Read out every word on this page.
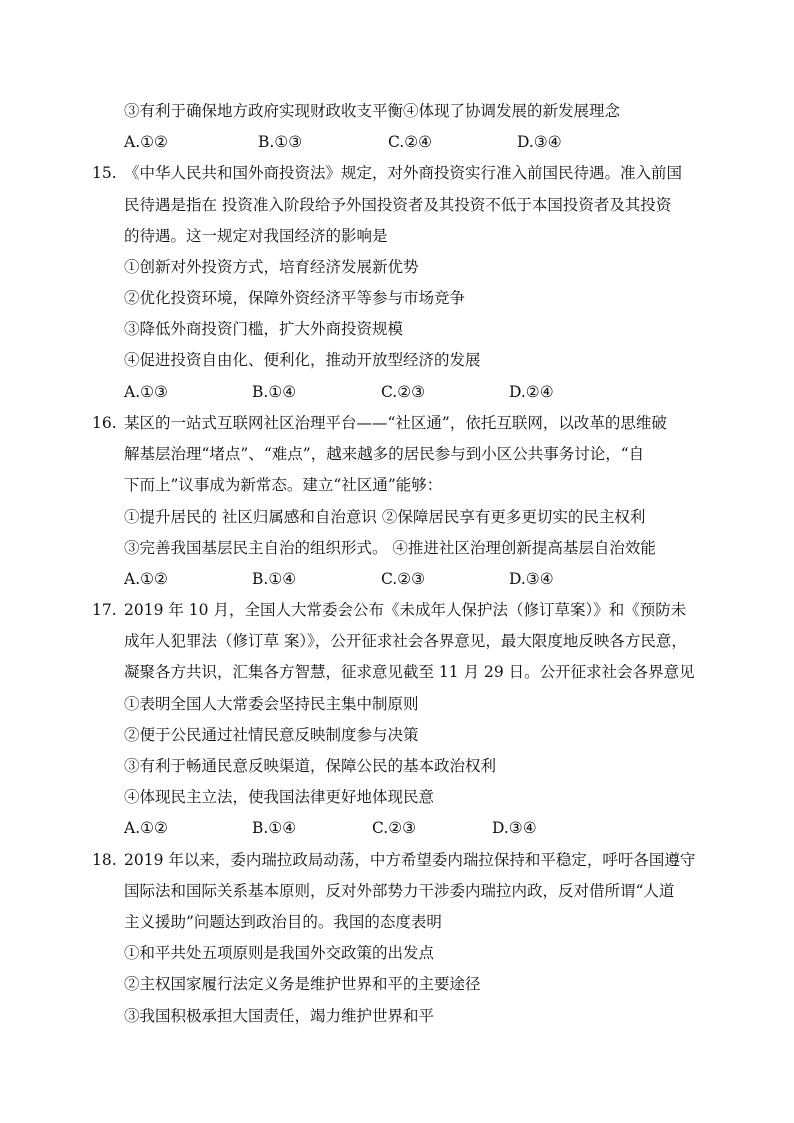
③有利于确保地方政府实现财政收支平衡④体现了协调发展的新发展理念
A.①②	B.①③	C.②④	D.③④
15. 《中华人民共和国外商投资法》规定，对外商投资实行准入前国民待遇。准入前国
民待遇是指在 投资准入阶段给予外国投资者及其投资不低于本国投资者及其投资
的待遇。这一规定对我国经济的影响是
①创新对外投资方式，培育经济发展新优势
②优化投资环境，保障外资经济平等参与市场竞争
③降低外商投资门槛，扩大外商投资规模
④促进投资自由化、便利化，推动开放型经济的发展
A.①③	B.①④	C.②③	D.②④
16. 某区的一站式互联网社区治理平台——“社区通”，依托互联网，以改革的思维破
解基层治理“堵点”、“难点”，越来越多的居民参与到小区公共事务讨论，“自
下而上”议事成为新常态。建立“社区通”能够：
①提升居民的 社区归属感和自治意识 ②保障居民享有更多更切实的民主权利
③完善我国基层民主自治的组织形式。 ④推进社区治理创新提高基层自治效能
A.①②	B.①④	C.②③	D.③④
17. 2019 年 10 月，全国人大常委会公布《未成年人保护法（修订草案）》和《预防未
成年人犯罪法（修订草 案）》，公开征求社会各界意见，最大限度地反映各方民意，
凝聚各方共识，汇集各方智慧，征求意见截至 11 月 29 日。公开征求社会各界意见
①表明全国人大常委会坚持民主集中制原则
②便于公民通过社情民意反映制度参与决策
③有利于畅通民意反映渠道，保障公民的基本政治权利
④体现民主立法，使我国法律更好地体现民意
A.①②	B.①④	C.②③	D.③④
18. 2019 年以来，委内瑞拉政局动荡，中方希望委内瑞拉保持和平稳定，呼吁各国遵守
国际法和国际关系基本原则，反对外部势力干涉委内瑞拉内政，反对借所谓“人道
主义援助”问题达到政治目的。我国的态度表明
①和平共处五项原则是我国外交政策的出发点
②主权国家履行法定义务是维护世界和平的主要途径
③我国积极承担大国责任，竭力维护世界和平
